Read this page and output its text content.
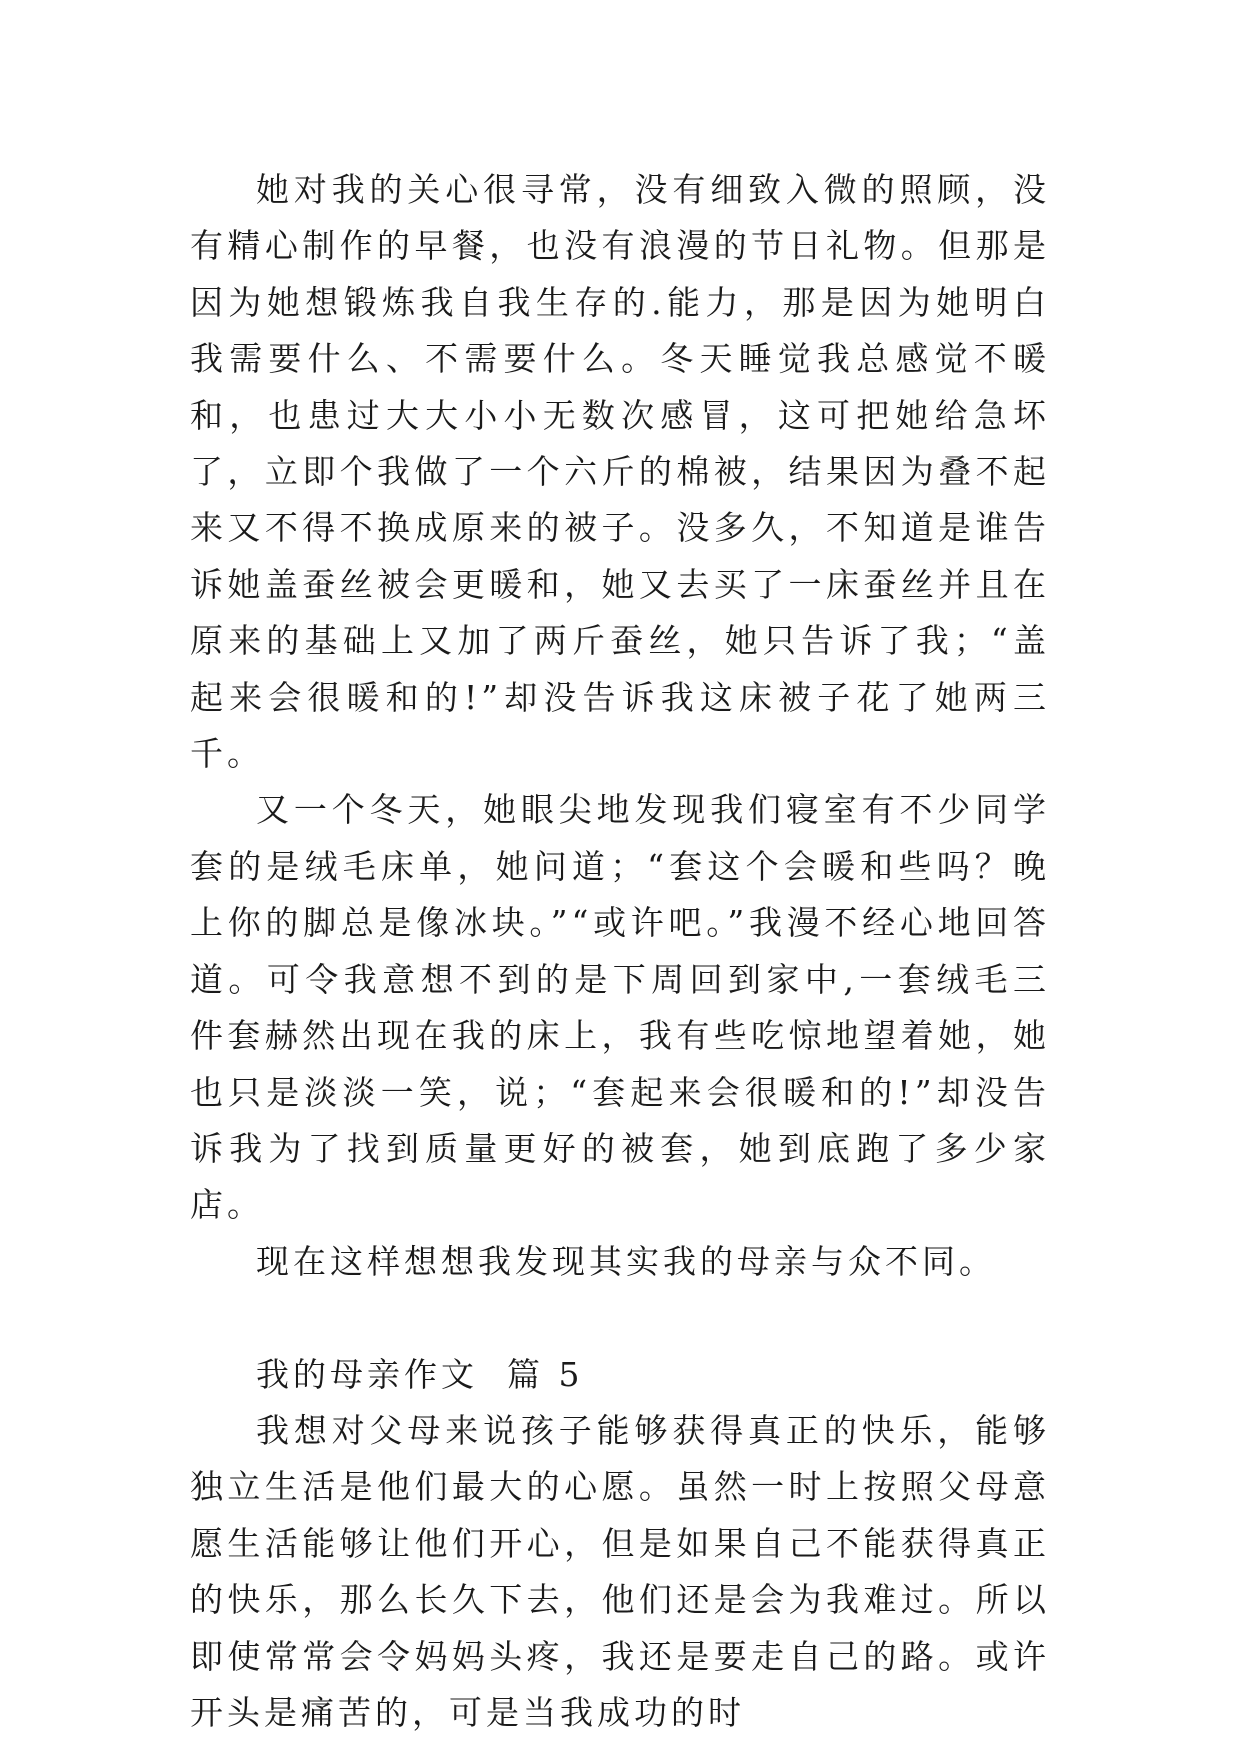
她对我的关心很寻常，没有细致入微的照顾，没有精心制作的早餐，也没有浪漫的节日礼物。但那是因为她想锻炼我自我生存的.能力，那是因为她明白我需要什么、不需要什么。冬天睡觉我总感觉不暖和，也患过大大小小无数次感冒，这可把她给急坏了，立即个我做了一个六斤的棉被，结果因为叠不起来又不得不换成原来的被子。没多久，不知道是谁告诉她盖蚕丝被会更暖和，她又去买了一床蚕丝并且在原来的基础上又加了两斤蚕丝，她只告诉了我；“盖起来会很暖和的!”却没告诉我这床被子花了她两三千。

又一个冬天，她眼尖地发现我们寝室有不少同学套的是绒毛床单，她问道；“套这个会暖和些吗？晚上你的脚总是像冰块。”“或许吧。”我漫不经心地回答道。可令我意想不到的是下周回到家中,一套绒毛三件套赫然出现在我的床上，我有些吃惊地望着她，她也只是淡淡一笑，说；“套起来会很暖和的!”却没告诉我为了找到质量更好的被套，她到底跑了多少家店。

现在这样想想我发现其实我的母亲与众不同。

我的母亲作文  篇 5

我想对父母来说孩子能够获得真正的快乐，能够独立生活是他们最大的心愿。虽然一时上按照父母意愿生活能够让他们开心，但是如果自己不能获得真正的快乐，那么长久下去，他们还是会为我难过。所以即使常常会令妈妈头疼，我还是要走自己的路。或许开头是痛苦的，可是当我成功的时
